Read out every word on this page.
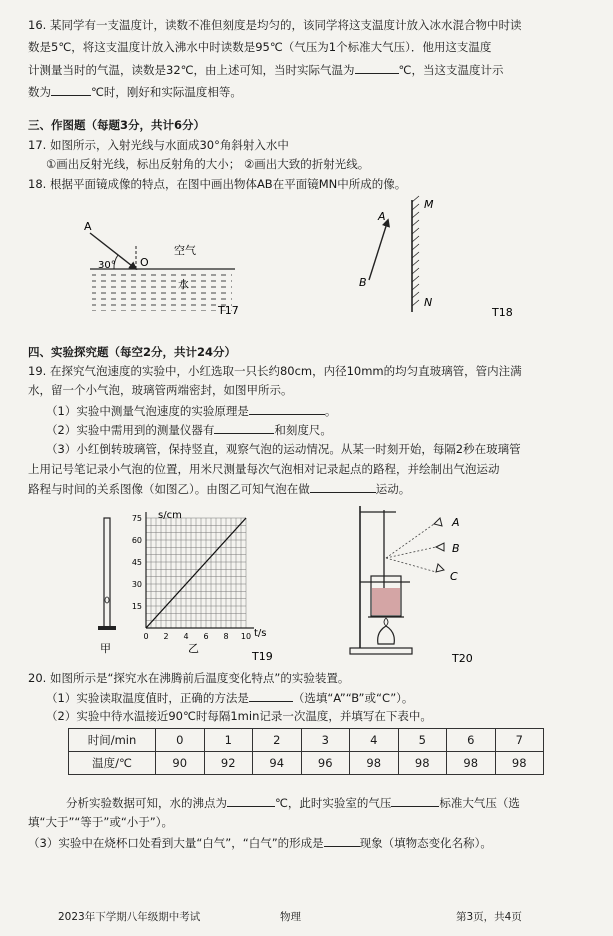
16. 某同学有一支温度计，读数不准但刻度是均匀的，该同学将这支温度计放入冰水混合物中时读
数是5℃，将这支温度计放入沸水中时读数是95℃（气压为1个标准大气压）．他用这支温度
计测量当时的气温，读数是32℃，由上述可知，当时实际气温为	℃，当这支温度计示
数为	℃时，刚好和实际温度相等。
三、作图题（每题3分，共计6分）
17. 如图所示，入射光线与水面成30°角斜射入水中
①画出反射光线，标出反射角的大小； ②画出大致的折射光线。
18. 根据平面镜成像的特点，在图中画出物体AB在平面镜MN中所成的像。
A
O
30°
空气
水
T17
A
B
M
N
T18
四、实验探究题（每空2分，共计24分）
19. 在探究气泡速度的实验中，小红选取一只长约80cm，内径10mm的均匀直玻璃管，管内注满
水，留一个小气泡，玻璃管两端密封，如图甲所示。
（1）实验中测量气泡速度的实验原理是	。
（2）实验中需用到的测量仪器有	和刻度尺。
（3）小红倒转玻璃管，保持竖直，观察气泡的运动情况。从某一时刻开始，每隔2秒在玻璃管
上用记号笔记录小气泡的位置，用米尺测量每次气泡相对记录起点的路程，并绘制出气泡运动
路程与时间的关系图像（如图乙）。由图乙可知气泡在做	运动。
甲
75
60
45
30
15
0 2 4 6 8 10
s/cm
t/s
乙
T19
A
B
C
T20
20. 如图所示是“探究水在沸腾前后温度变化特点”的实验装置。
（1）实验读取温度值时，正确的方法是	（选填“A”“B”或“C”）。
（2）实验中待水温接近90℃时每隔1min记录一次温度，并填写在下表中。
时间/min	0	1	2	3	4	5	6	7
温度/℃	90	92	94	96	98	98	98	98
分析实验数据可知，水的沸点为	℃，此时实验室的气压	标准大气压（选
填“大于”“等于”或“小于”）。
（3）实验中在烧杯口处看到大量“白气”，“白气”的形成是	现象（填物态变化名称）。
2023年下学期八年级期中考试	物理	第3页，共4页
